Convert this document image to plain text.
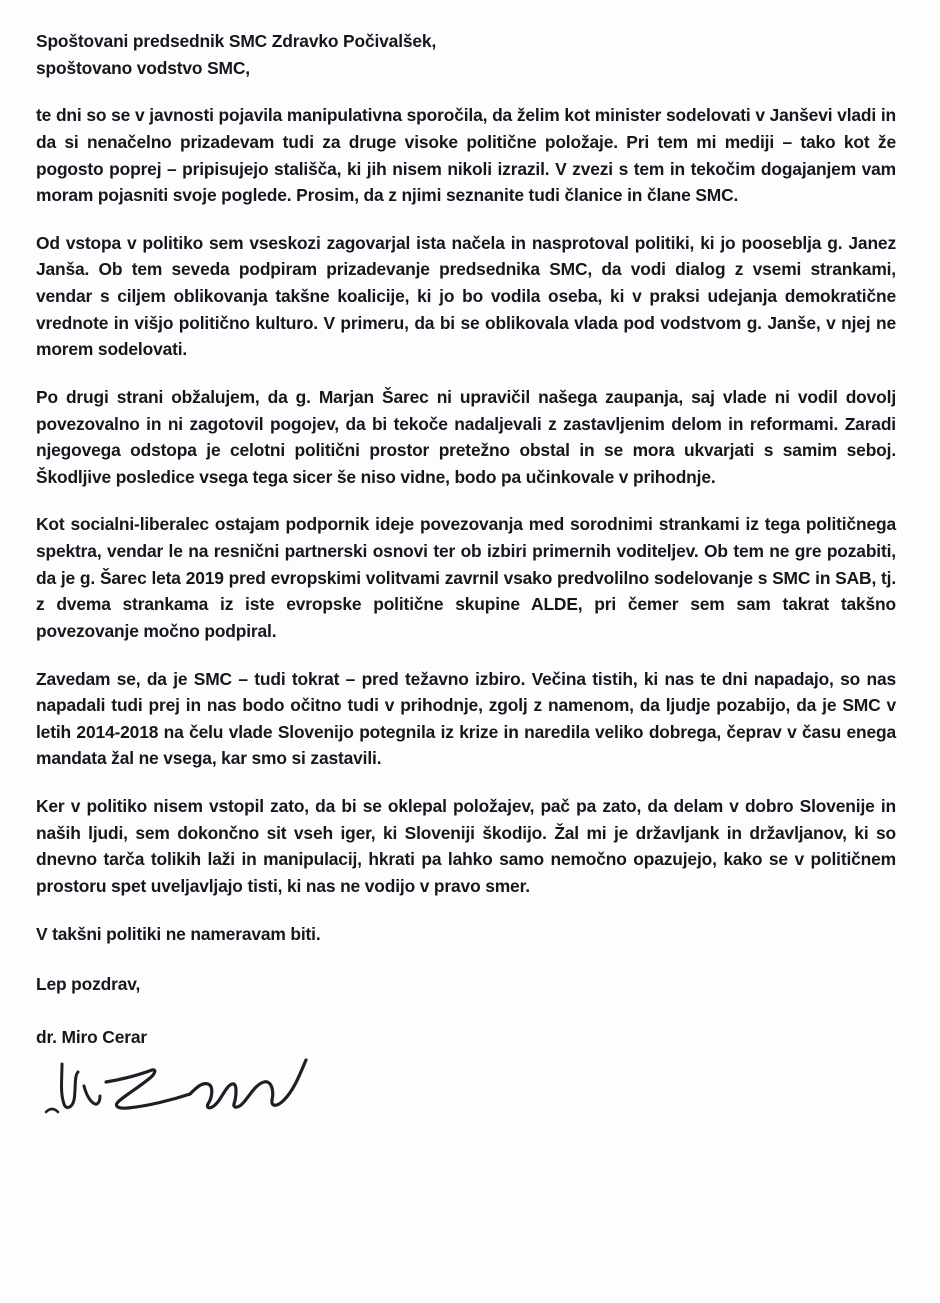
Spoštovani predsednik SMC Zdravko Počivalšek,
spoštovano vodstvo SMC,

te dni so se v javnosti pojavila manipulativna sporočila, da želim kot minister sodelovati v Janševi vladi in da si nenačelno prizadevam tudi za druge visoke politične položaje. Pri tem mi mediji – tako kot že pogosto poprej – pripisujejo stališča, ki jih nisem nikoli izrazil. V zvezi s tem in tekočim dogajanjem vam moram pojasniti svoje poglede. Prosim, da z njimi seznanite tudi članice in člane SMC.

Od vstopa v politiko sem vseskozi zagovarjal ista načela in nasprotoval politiki, ki jo poosebljа g. Janez Janša. Ob tem seveda podpiram prizadevanje predsednika SMC, da vodi dialog z vsemi strankami, vendar s ciljem oblikovanja takšne koalicije, ki jo bo vodila oseba, ki v praksi udejanja demokratične vrednote in višjo politično kulturo. V primeru, da bi se oblikovala vlada pod vodstvom g. Janše, v njej ne morem sodelovati.

Po drugi strani obžalujem, da g. Marjan Šarec ni upravičil našega zaupanja, saj vlade ni vodil dovolj povezovalno in ni zagotovil pogojev, da bi tekoče nadaljevali z zastavljenim delom in reformami. Zaradi njegovega odstopa je celotni politični prostor pretežno obstal in se mora ukvarjati s samim seboj. Škodljive posledice vsega tega sicer še niso vidne, bodo pa učinkovale v prihodnje.

Kot socialni-liberalec ostajam podpornik ideje povezovanja med sorodnimi strankami iz tega političnega spektra, vendar le na resnični partnerski osnovi ter ob izbiri primernih voditeljev. Ob tem ne gre pozabiti, da je g. Šarec leta 2019 pred evropskimi volitvami zavrnil vsako predvolilno sodelovanje s SMC in SAB, tj. z dvema strankama iz iste evropske politične skupine ALDE, pri čemer sem sam takrat takšno povezovanje močno podpiral.

Zavedam se, da je SMC – tudi tokrat – pred težavno izbiro. Večina tistih, ki nas te dni napadajo, so nas napadali tudi prej in nas bodo očitno tudi v prihodnje, zgolj z namenom, da ljudje pozabijo, da je SMC v letih 2014-2018 na čelu vlade Slovenijo potegnila iz krize in naredila veliko dobrega, čeprav v času enega mandata žal ne vsega, kar smo si zastavili.

Ker v politiko nisem vstopil zato, da bi se oklepal položajev, pač pa zato, da delam v dobro Slovenije in naših ljudi, sem dokončno sit vseh iger, ki Sloveniji škodijo. Žal mi je državljank in državljanov, ki so dnevno tarča tolikih laži in manipulacij, hkrati pa lahko samo nemočno opazujejo, kako se v političnem prostoru spet uveljavljajo tisti, ki nas ne vodijo v pravo smer.

V takšni politiki ne nameravam biti.

Lep pozdrav,

dr. Miro Cerar
